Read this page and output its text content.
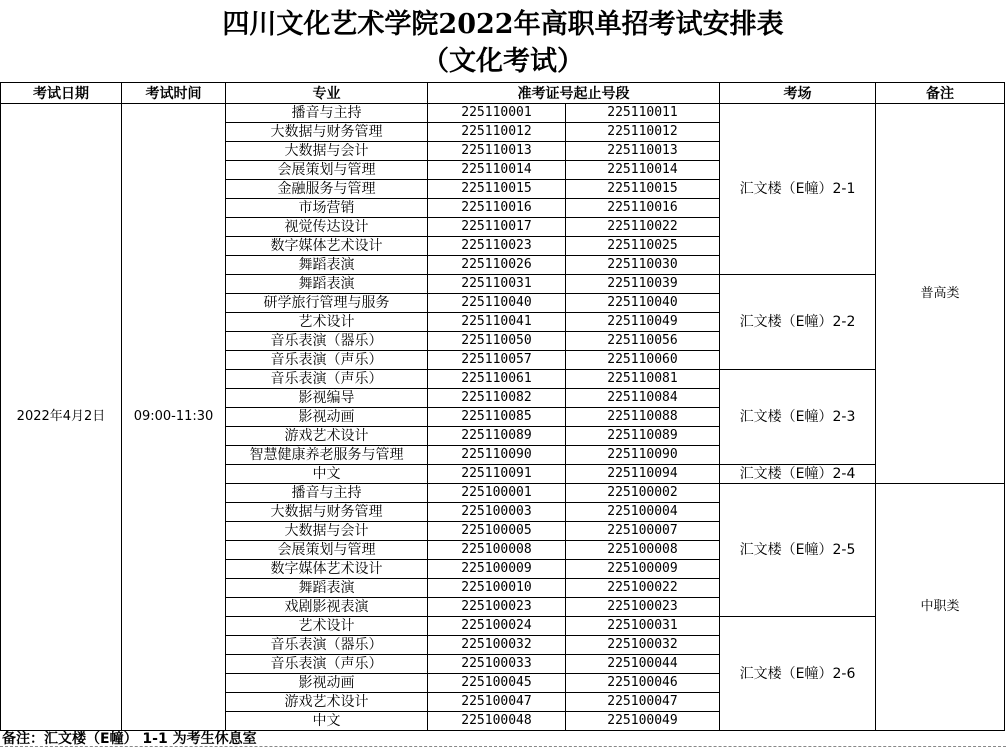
四川文化艺术学院2022年高职单招考试安排表
（文化考试）
考试日期	考试时间	专业	准考证号起止号段		考场	备注
2022年4月2日	09:00-11:30	播音与主持	225110001	225110011	汇文楼（E幢）2-1	普高类
		大数据与财务管理	225110012	225110012		
		大数据与会计	225110013	225110013		
		会展策划与管理	225110014	225110014		
		金融服务与管理	225110015	225110015		
		市场营销	225110016	225110016		
		视觉传达设计	225110017	225110022		
		数字媒体艺术设计	225110023	225110025		
		舞蹈表演	225110026	225110030		
		舞蹈表演	225110031	225110039	汇文楼（E幢）2-2	
		研学旅行管理与服务	225110040	225110040		
		艺术设计	225110041	225110049		
		音乐表演（器乐）	225110050	225110056		
		音乐表演（声乐）	225110057	225110060		
		音乐表演（声乐）	225110061	225110081	汇文楼（E幢）2-3	
		影视编导	225110082	225110084		
		影视动画	225110085	225110088		
		游戏艺术设计	225110089	225110089		
		智慧健康养老服务与管理	225110090	225110090		
		中文	225110091	225110094	汇文楼（E幢）2-4	
		播音与主持	225100001	225100002	汇文楼（E幢）2-5	中职类
		大数据与财务管理	225100003	225100004		
		大数据与会计	225100005	225100007		
		会展策划与管理	225100008	225100008		
		数字媒体艺术设计	225100009	225100009		
		舞蹈表演	225100010	225100022		
		戏剧影视表演	225100023	225100023		
		艺术设计	225100024	225100031	汇文楼（E幢）2-6	
		音乐表演（器乐）	225100032	225100032		
		音乐表演（声乐）	225100033	225100044		
		影视动画	225100045	225100046		
		游戏艺术设计	225100047	225100047		
		中文	225100048	225100049		
备注：汇文楼（E幢） 1-1 为考生休息室
